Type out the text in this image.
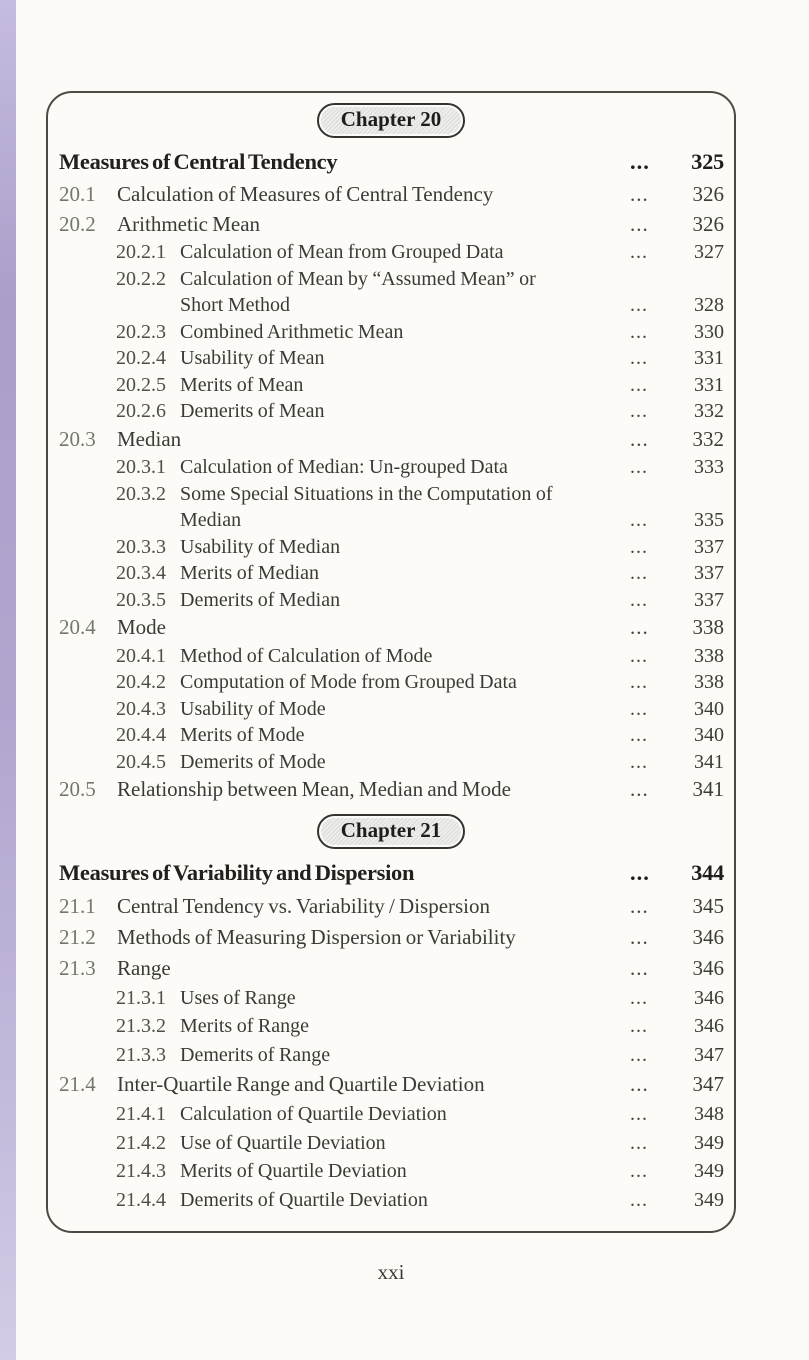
Chapter 20
Measures of Central Tendency	...	325
20.1	Calculation of Measures of Central Tendency	...	326
20.2	Arithmetic Mean	...	326
20.2.1 Calculation of Mean from Grouped Data	...	327
20.2.2 Calculation of Mean by “Assumed Mean” or
Short Method	...	328
20.2.3 Combined Arithmetic Mean	...	330
20.2.4 Usability of Mean	...	331
20.2.5 Merits of Mean	...	331
20.2.6 Demerits of Mean	...	332
20.3	Median	...	332
20.3.1 Calculation of Median: Un-grouped Data	...	333
20.3.2 Some Special Situations in the Computation of
Median	...	335
20.3.3 Usability of Median	...	337
20.3.4 Merits of Median	...	337
20.3.5 Demerits of Median	...	337
20.4	Mode	...	338
20.4.1 Method of Calculation of Mode	...	338
20.4.2 Computation of Mode from Grouped Data	...	338
20.4.3 Usability of Mode	...	340
20.4.4 Merits of Mode	...	340
20.4.5 Demerits of Mode	...	341
20.5	Relationship between Mean, Median and Mode	...	341
Chapter 21
Measures of Variability and Dispersion	...	344
21.1	Central Tendency vs. Variability / Dispersion	...	345
21.2	Methods of Measuring Dispersion or Variability	...	346
21.3	Range	...	346
21.3.1 Uses of Range	...	346
21.3.2 Merits of Range	...	346
21.3.3 Demerits of Range	...	347
21.4	Inter-Quartile Range and Quartile Deviation	...	347
21.4.1 Calculation of Quartile Deviation	...	348
21.4.2 Use of Quartile Deviation	...	349
21.4.3 Merits of Quartile Deviation	...	349
21.4.4 Demerits of Quartile Deviation	...	349
xxi
